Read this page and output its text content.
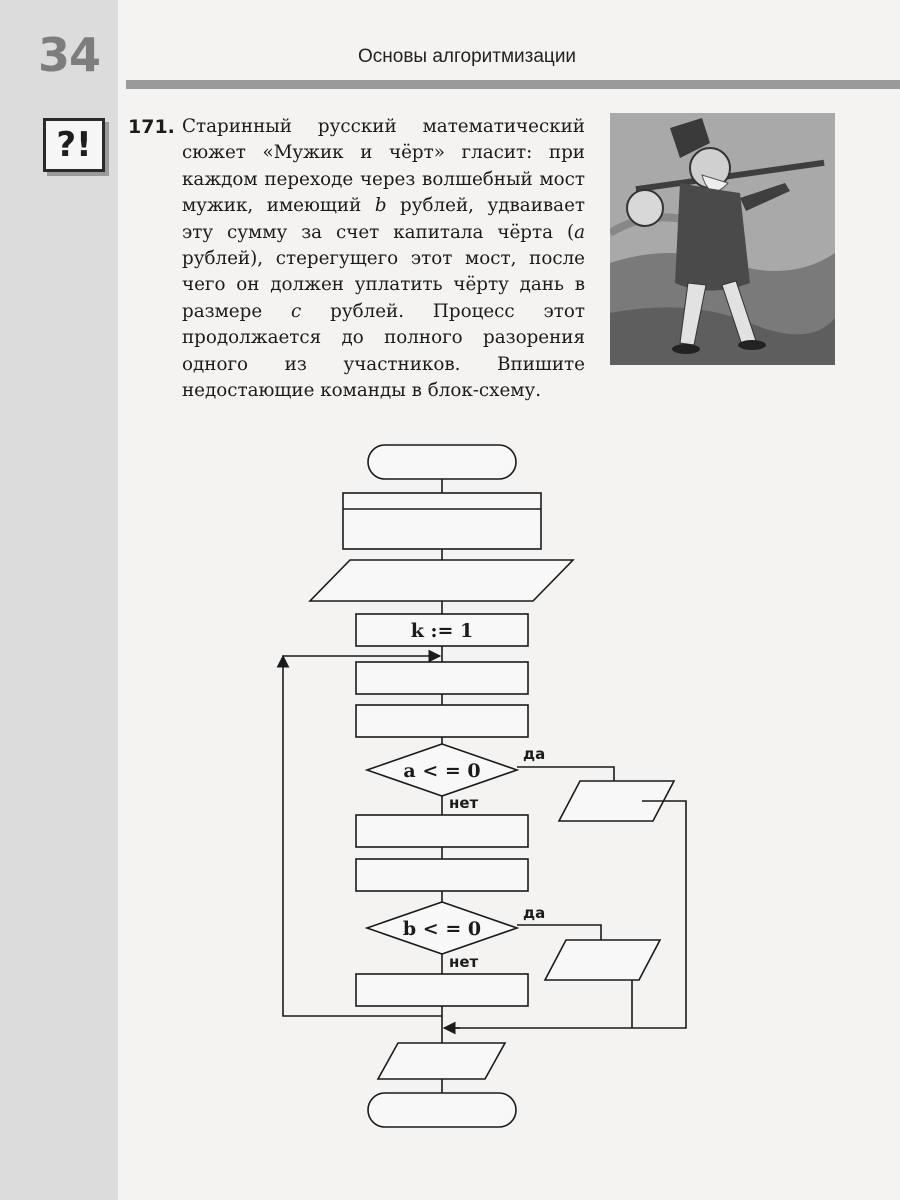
34	Основы алгоритмизации
?!	171. Старинный русский математический сюжет «Мужик и чёрт» гласит: при каждом переходе через волшебный мост мужик, имеющий b рублей, удваивает эту сумму за счет капитала чёрта (a рублей), стерегущего этот мост, после чего он должен уплатить чёрту дань в размере c рублей. Процесс этот продолжается до полного разорения одного из участников. Впишите недостающие команды в блок-схему.
k := 1
a < = 0
b < = 0
да
нет
да
нет
